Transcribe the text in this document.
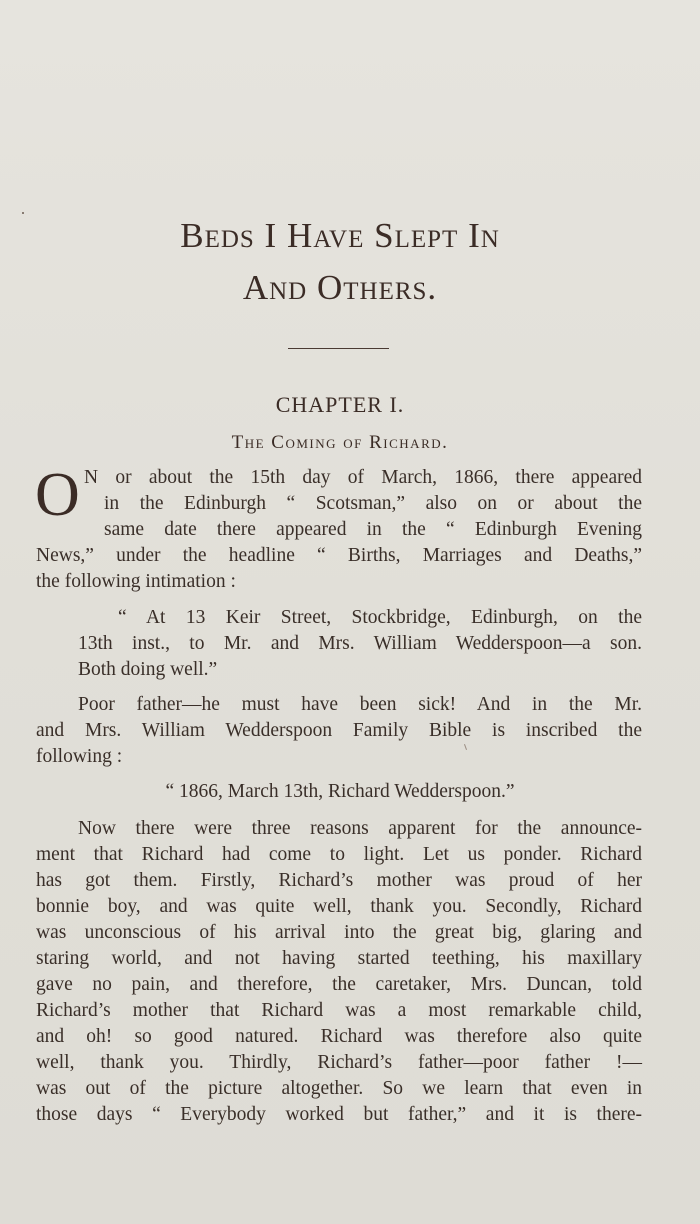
Beds I Have Slept In
And Others.
CHAPTER I.
The Coming of Richard.
O N or about the 15th day of March, 1866, there appeared
in the Edinburgh “ Scotsman,” also on or about the
same date there appeared in the “ Edinburgh Evening
News,” under the headline “ Births, Marriages and Deaths,”
the following intimation :
“ At 13 Keir Street, Stockbridge, Edinburgh, on the
13th inst., to Mr. and Mrs. William Wedderspoon—a son.
Both doing well.”
Poor father—he must have been sick! And in the Mr.
and Mrs. William Wedderspoon Family Bible is inscribed the
following :
“ 1866, March 13th, Richard Wedderspoon.”
Now there were three reasons apparent for the announce-
ment that Richard had come to light. Let us ponder. Richard
has got them. Firstly, Richard’s mother was proud of her
bonnie boy, and was quite well, thank you. Secondly, Richard
was unconscious of his arrival into the great big, glaring and
staring world, and not having started teething, his maxillary
gave no pain, and therefore, the caretaker, Mrs. Duncan, told
Richard’s mother that Richard was a most remarkable child,
and oh! so good natured. Richard was therefore also quite
well, thank you. Thirdly, Richard’s father—poor father !—
was out of the picture altogether. So we learn that even in
those days “ Everybody worked but father,” and it is there-
